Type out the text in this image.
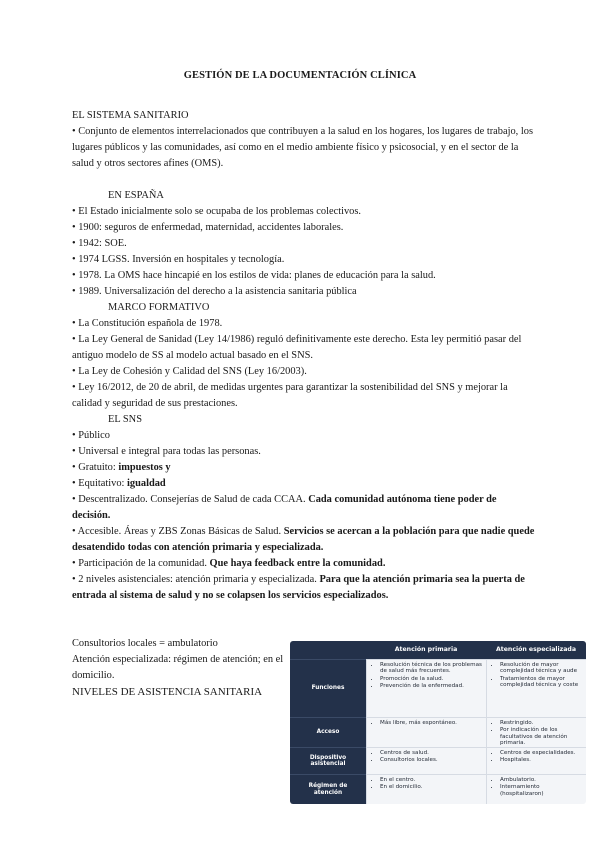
GESTIÓN DE LA DOCUMENTACIÓN CLÍNICA

EL SISTEMA SANITARIO

• Conjunto de elementos interrelacionados que contribuyen a la salud en los hogares, los lugares de trabajo, los lugares públicos y las comunidades, así como en el medio ambiente físico y psicosocial, y en el sector de la salud y otros sectores afines (OMS).

EN ESPAÑA

• El Estado inicialmente solo se ocupaba de los problemas colectivos.

• 1900: seguros de enfermedad, maternidad, accidentes laborales.

• 1942: SOE.

• 1974 LGSS. Inversión en hospitales y tecnología.

• 1978. La OMS hace hincapié en los estilos de vida: planes de educación para la salud.

• 1989. Universalización del derecho a la asistencia sanitaria pública

MARCO FORMATIVO

• La Constitución española de 1978.

• La Ley General de Sanidad (Ley 14/1986) reguló definitivamente este derecho. Esta ley permitió pasar del antiguo modelo de SS al modelo actual basado en el SNS.

• La Ley de Cohesión y Calidad del SNS (Ley 16/2003).

• Ley 16/2012, de 20 de abril, de medidas urgentes para garantizar la sostenibilidad del SNS y mejorar la calidad y seguridad de sus prestaciones.

EL SNS

• Público

• Universal e integral para todas las personas.

• Gratuito: impuestos y

• Equitativo: igualdad

• Descentralizado. Consejerías de Salud de cada CCAA. Cada comunidad autónoma tiene poder de decisión.

• Accesible. Áreas y ZBS Zonas Básicas de Salud. Servicios se acercan a la población para que nadie quede desatendido todas con atención primaria y especializada.

• Participación de la comunidad. Que haya feedback entre la comunidad.

• 2 niveles asistenciales: atención primaria y especializada. Para que la atención primaria sea la puerta de entrada al sistema de salud y no se colapsen los servicios especializados.

Consultorios locales = ambulatorio

Atención especializada: régimen de atención; en el domicilio.

NIVELES DE ASISTENCIA SANITARIA

Atención primaria	Atención especializada
Funciones
• Resolución técnica de los problemas de salud más frecuentes.
• Promoción de la salud.
• Prevención de la enfermedad.
• Resolución de mayor complejidad técnica y aude
• Tratamientos de mayor complejidad técnica y coste
Acceso
• Más libre, más espontáneo.
•	Restringido.
• Por indicación de los facultativos de atención primaria.
Dispositivo asistencial
• Centros de salud.
• Consultorios locales.
• Centros de especialidades.
• Hospitales.
Régimen de atención
• En el centro.
• En el domicilio.
• Ambulatorio.
• Internamiento (hospitalizaron)
